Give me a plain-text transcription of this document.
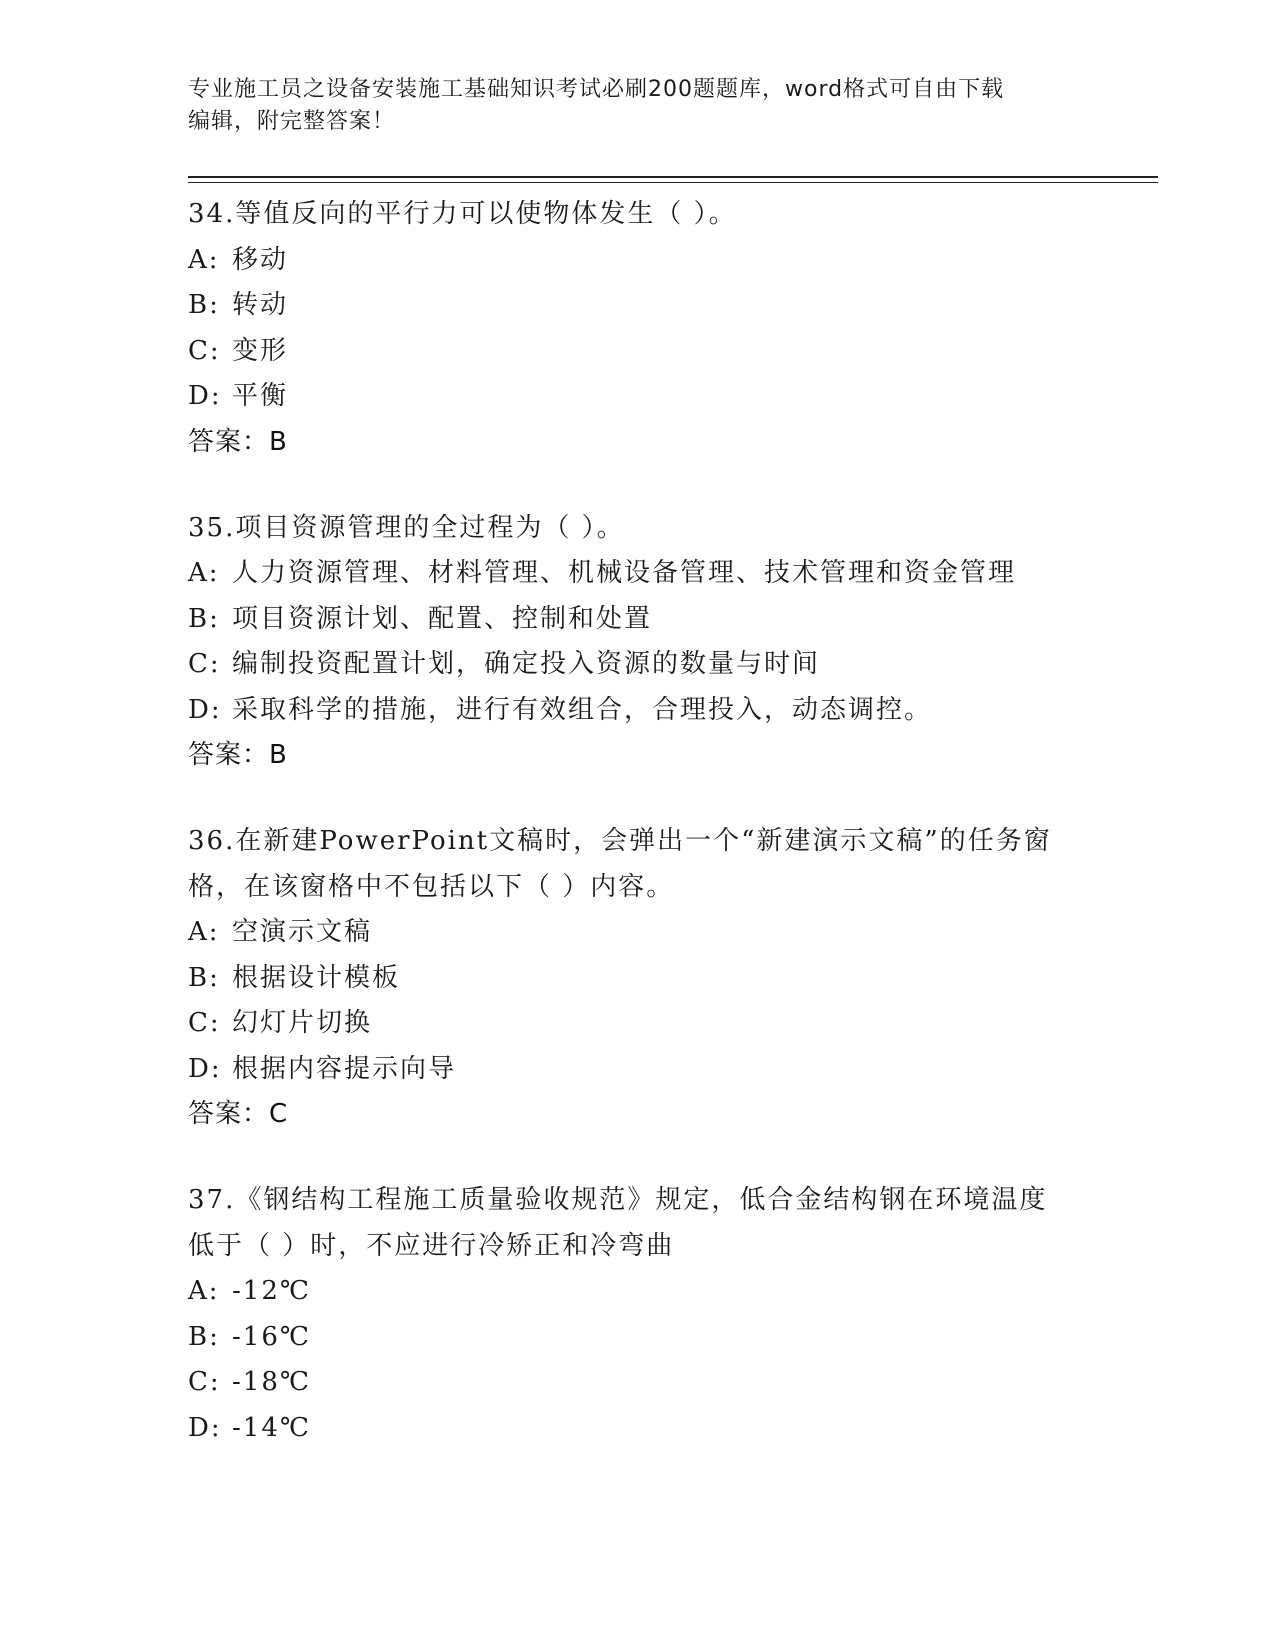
专业施工员之设备安装施工基础知识考试必刷200题题库，word格式可自由下载
编辑，附完整答案！
34.等值反向的平行力可以使物体发生（ ）。
A: 移动
B: 转动
C: 变形
D: 平衡
答案：B
35.项目资源管理的全过程为（ ）。
A: 人力资源管理、材料管理、机械设备管理、技术管理和资金管理
B: 项目资源计划、配置、控制和处置
C: 编制投资配置计划，确定投入资源的数量与时间
D: 采取科学的措施，进行有效组合，合理投入，动态调控。
答案：B
36.在新建PowerPoint文稿时，会弹出一个“新建演示文稿”的任务窗格，在该窗格中不包括以下（ ）内容。
A: 空演示文稿
B: 根据设计模板
C: 幻灯片切换
D: 根据内容提示向导
答案：C
37.《钢结构工程施工质量验收规范》规定，低合金结构钢在环境温度低于（ ）时，不应进行冷矫正和冷弯曲
A: -12℃
B: -16℃
C: -18℃
D: -14℃
